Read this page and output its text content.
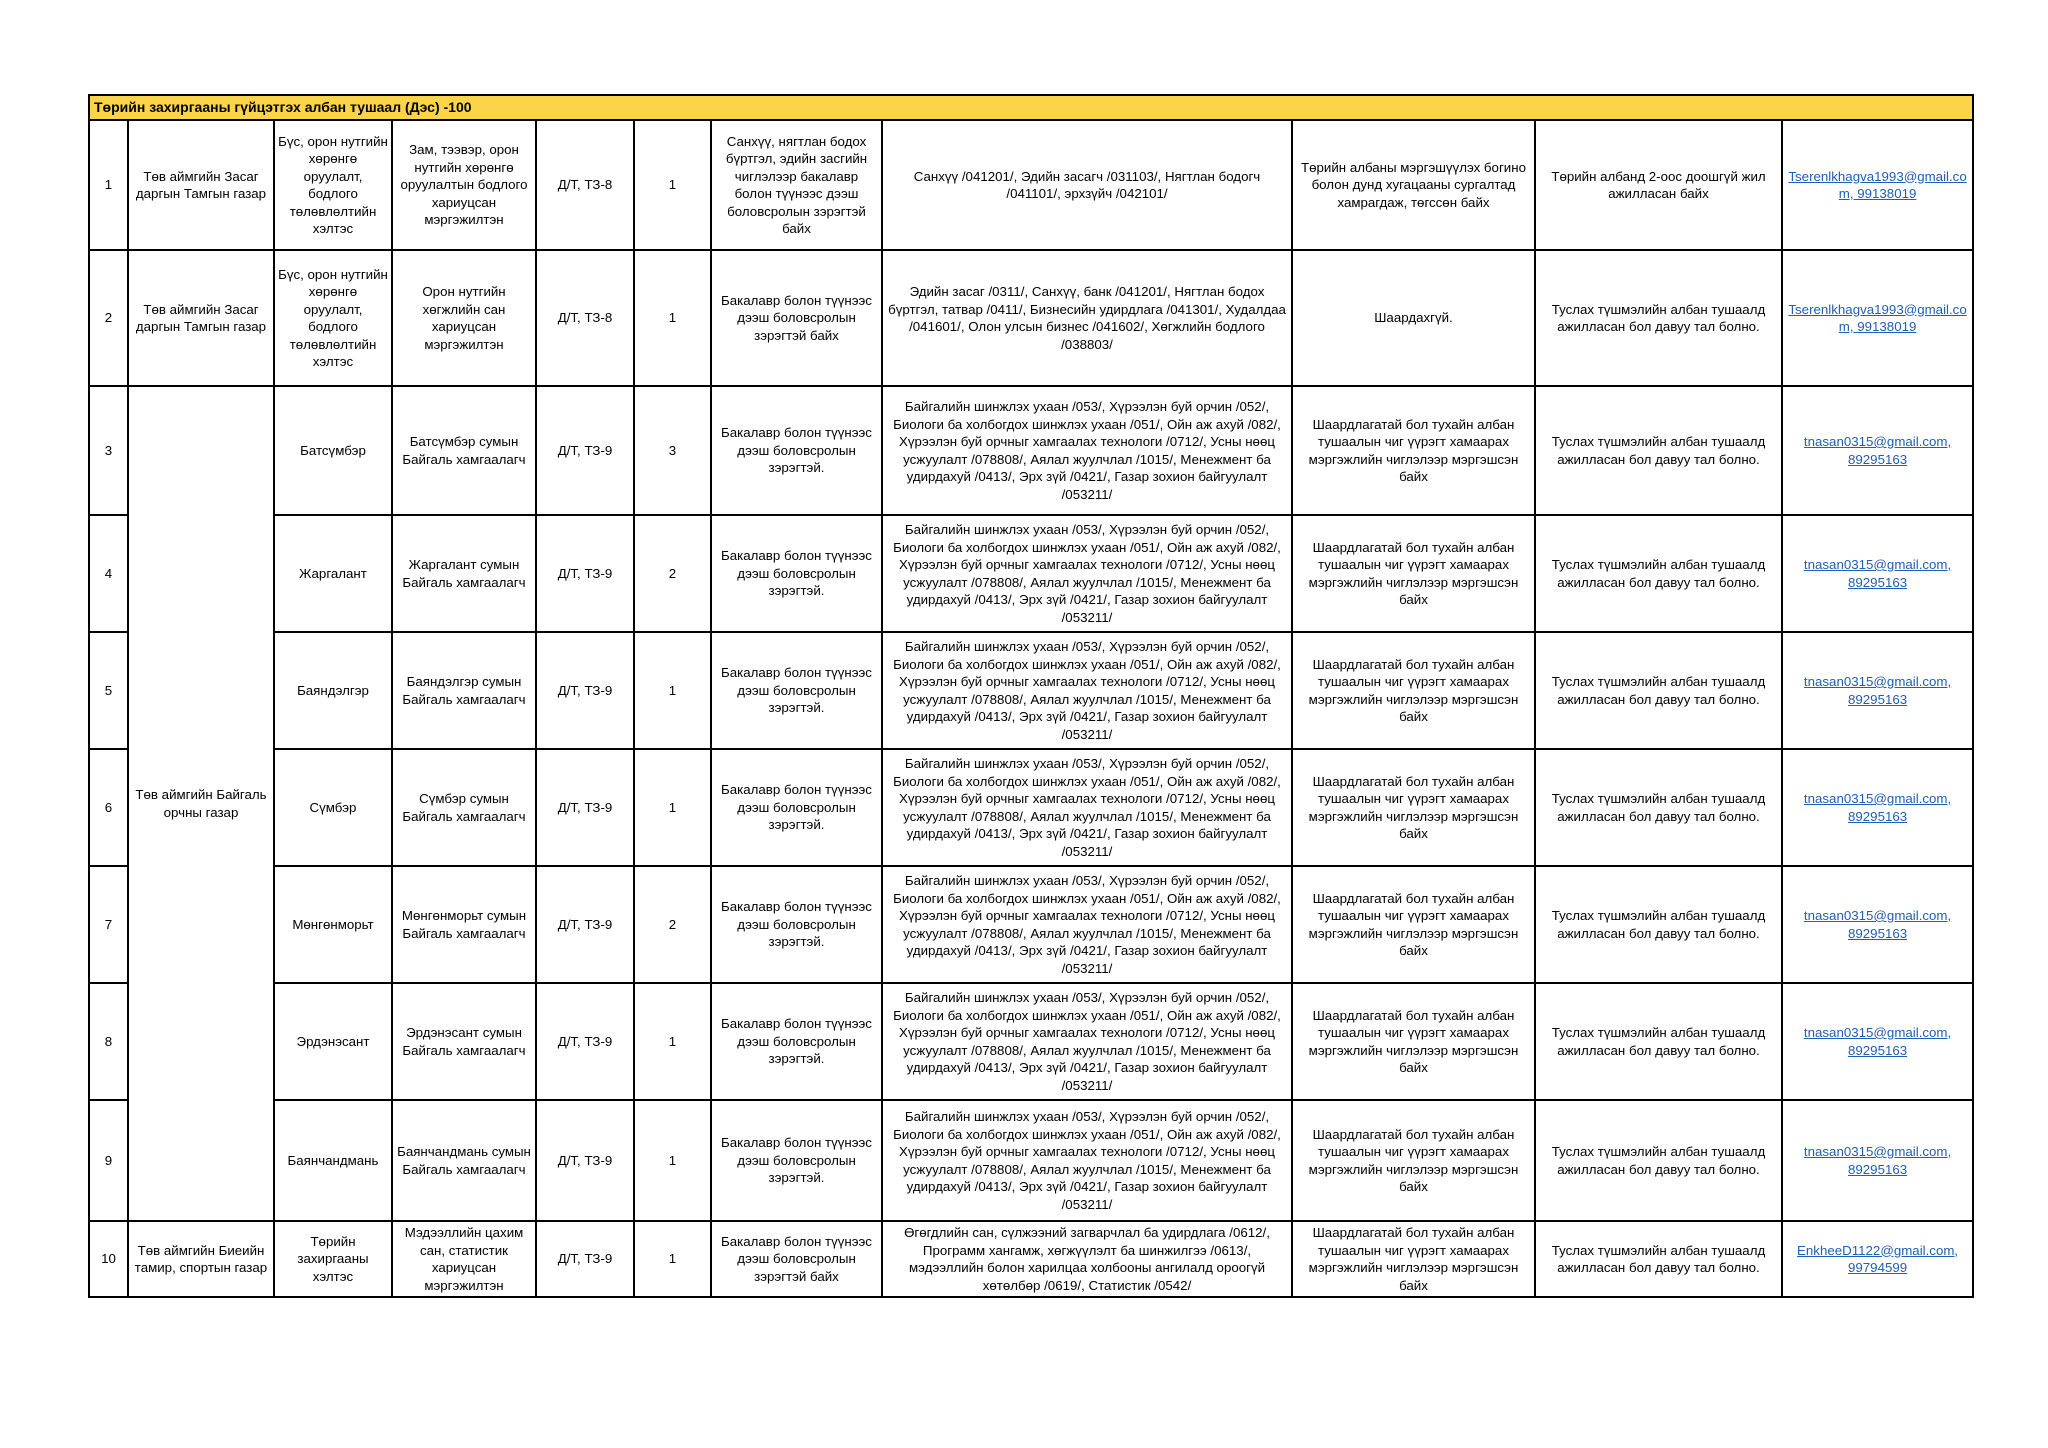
Төрийн захиргааны гүйцэтгэх албан тушаал (Дэс) -100										
1	Төв аймгийн Засаг даргын Тамгын газар	Бүс, орон нутгийн хөрөнгө оруулалт, бодлого төлөвлөлтийн хэлтэс	Зам, тээвэр, орон нутгийн хөрөнгө оруулалтын бодлого хариуцсан мэргэжилтэн	Д/Т, ТЗ-8	1	Санхүү, нягтлан бодох бүртгэл, эдийн засгийн чиглэлээр бакалавр болон түүнээс дээш боловсролын зэрэгтэй байх	Санхүү /041201/, Эдийн засагч /031103/, Нягтлан бодогч /041101/, эрхзүйч /042101/	Төрийн албаны мэргэшүүлэх богино болон дунд хугацааны сургалтад хамрагдаж, төгссөн байх	Төрийн албанд 2-оос доошгүй жил ажилласан байх	Tserenlkhagva1993@gmail.com, 99138019
2	Төв аймгийн Засаг даргын Тамгын газар	Бүс, орон нутгийн хөрөнгө оруулалт, бодлого төлөвлөлтийн хэлтэс	Орон нутгийн хөгжлийн сан хариуцсан мэргэжилтэн	Д/Т, ТЗ-8	1	Бакалавр болон түүнээс дээш боловсролын зэрэгтэй байх	Эдийн засаг /0311/, Санхүү, банк /041201/, Нягтлан бодох бүртгэл, татвар /0411/, Бизнесийн удирдлага /041301/, Худалдаа /041601/, Олон улсын бизнес /041602/, Хөгжлийн бодлого /038803/	Шаардахгүй.	Туслах түшмэлийн албан тушаалд ажилласан бол давуу тал болно.	Tserenlkhagva1993@gmail.com, 99138019
3	Төв аймгийн Байгаль орчны газар	Батсүмбэр	Батсүмбэр сумын Байгаль хамгаалагч	Д/Т, ТЗ-9	3	Бакалавр болон түүнээс дээш боловсролын зэрэгтэй.	Байгалийн шинжлэх ухаан /053/, Хүрээлэн буй орчин /052/, Биологи ба холбогдох шинжлэх ухаан /051/, Ойн аж ахуй /082/, Хүрээлэн буй орчныг хамгаалах технологи /0712/, Усны нөөц усжуулалт /078808/, Аялал жуулчлал /1015/, Менежмент ба удирдахуй /0413/, Эрх зүй /0421/, Газар зохион байгуулалт /053211/	Шаардлагатай бол тухайн албан тушаалын чиг үүрэгт хамаарах мэргэжлийн чиглэлээр мэргэшсэн байх	Туслах түшмэлийн албан тушаалд ажилласан бол давуу тал болно.	tnasan0315@gmail.com, 89295163
4		Жаргалант	Жаргалант сумын Байгаль хамгаалагч	Д/Т, ТЗ-9	2	Бакалавр болон түүнээс дээш боловсролын зэрэгтэй.	Байгалийн шинжлэх ухаан /053/, Хүрээлэн буй орчин /052/, Биологи ба холбогдох шинжлэх ухаан /051/, Ойн аж ахуй /082/, Хүрээлэн буй орчныг хамгаалах технологи /0712/, Усны нөөц усжуулалт /078808/, Аялал жуулчлал /1015/, Менежмент ба удирдахуй /0413/, Эрх зүй /0421/, Газар зохион байгуулалт /053211/	Шаардлагатай бол тухайн албан тушаалын чиг үүрэгт хамаарах мэргэжлийн чиглэлээр мэргэшсэн байх	Туслах түшмэлийн албан тушаалд ажилласан бол давуу тал болно.	tnasan0315@gmail.com, 89295163
5		Баяндэлгэр	Баяндэлгэр сумын Байгаль хамгаалагч	Д/Т, ТЗ-9	1	Бакалавр болон түүнээс дээш боловсролын зэрэгтэй.	Байгалийн шинжлэх ухаан /053/, Хүрээлэн буй орчин /052/, Биологи ба холбогдох шинжлэх ухаан /051/, Ойн аж ахуй /082/, Хүрээлэн буй орчныг хамгаалах технологи /0712/, Усны нөөц усжуулалт /078808/, Аялал жуулчлал /1015/, Менежмент ба удирдахуй /0413/, Эрх зүй /0421/, Газар зохион байгуулалт /053211/	Шаардлагатай бол тухайн албан тушаалын чиг үүрэгт хамаарах мэргэжлийн чиглэлээр мэргэшсэн байх	Туслах түшмэлийн албан тушаалд ажилласан бол давуу тал болно.	tnasan0315@gmail.com, 89295163
6		Сүмбэр	Сүмбэр сумын Байгаль хамгаалагч	Д/Т, ТЗ-9	1	Бакалавр болон түүнээс дээш боловсролын зэрэгтэй.	Байгалийн шинжлэх ухаан /053/, Хүрээлэн буй орчин /052/, Биологи ба холбогдох шинжлэх ухаан /051/, Ойн аж ахуй /082/, Хүрээлэн буй орчныг хамгаалах технологи /0712/, Усны нөөц усжуулалт /078808/, Аялал жуулчлал /1015/, Менежмент ба удирдахуй /0413/, Эрх зүй /0421/, Газар зохион байгуулалт /053211/	Шаардлагатай бол тухайн албан тушаалын чиг үүрэгт хамаарах мэргэжлийн чиглэлээр мэргэшсэн байх	Туслах түшмэлийн албан тушаалд ажилласан бол давуу тал болно.	tnasan0315@gmail.com, 89295163
7		Мөнгөнморьт	Мөнгөнморьт сумын Байгаль хамгаалагч	Д/Т, ТЗ-9	2	Бакалавр болон түүнээс дээш боловсролын зэрэгтэй.	Байгалийн шинжлэх ухаан /053/, Хүрээлэн буй орчин /052/, Биологи ба холбогдох шинжлэх ухаан /051/, Ойн аж ахуй /082/, Хүрээлэн буй орчныг хамгаалах технологи /0712/, Усны нөөц усжуулалт /078808/, Аялал жуулчлал /1015/, Менежмент ба удирдахуй /0413/, Эрх зүй /0421/, Газар зохион байгуулалт /053211/	Шаардлагатай бол тухайн албан тушаалын чиг үүрэгт хамаарах мэргэжлийн чиглэлээр мэргэшсэн байх	Туслах түшмэлийн албан тушаалд ажилласан бол давуу тал болно.	tnasan0315@gmail.com, 89295163
8		Эрдэнэсант	Эрдэнэсант сумын Байгаль хамгаалагч	Д/Т, ТЗ-9	1	Бакалавр болон түүнээс дээш боловсролын зэрэгтэй.	Байгалийн шинжлэх ухаан /053/, Хүрээлэн буй орчин /052/, Биологи ба холбогдох шинжлэх ухаан /051/, Ойн аж ахуй /082/, Хүрээлэн буй орчныг хамгаалах технологи /0712/, Усны нөөц усжуулалт /078808/, Аялал жуулчлал /1015/, Менежмент ба удирдахуй /0413/, Эрх зүй /0421/, Газар зохион байгуулалт /053211/	Шаардлагатай бол тухайн албан тушаалын чиг үүрэгт хамаарах мэргэжлийн чиглэлээр мэргэшсэн байх	Туслах түшмэлийн албан тушаалд ажилласан бол давуу тал болно.	tnasan0315@gmail.com, 89295163
9		Баянчандмань	Баянчандмань сумын Байгаль хамгаалагч	Д/Т, ТЗ-9	1	Бакалавр болон түүнээс дээш боловсролын зэрэгтэй.	Байгалийн шинжлэх ухаан /053/, Хүрээлэн буй орчин /052/, Биологи ба холбогдох шинжлэх ухаан /051/, Ойн аж ахуй /082/, Хүрээлэн буй орчныг хамгаалах технологи /0712/, Усны нөөц усжуулалт /078808/, Аялал жуулчлал /1015/, Менежмент ба удирдахуй /0413/, Эрх зүй /0421/, Газар зохион байгуулалт /053211/	Шаардлагатай бол тухайн албан тушаалын чиг үүрэгт хамаарах мэргэжлийн чиглэлээр мэргэшсэн байх	Туслах түшмэлийн албан тушаалд ажилласан бол давуу тал болно.	tnasan0315@gmail.com, 89295163
10	Төв аймгийн Биеийн тамир, спортын газар	Төрийн захиргааны хэлтэс	Мэдээллийн цахим сан, статистик хариуцсан мэргэжилтэн	Д/Т, ТЗ-9	1	Бакалавр болон түүнээс дээш боловсролын зэрэгтэй байх	Өгөгдлийн сан, сүлжээний загварчлал ба удирдлага /0612/, Программ хангамж, хөгжүүлэлт ба шинжилгээ /0613/, мэдээллийн болон харилцаа холбооны ангилалд ороогүй хөтөлбөр /0619/, Статистик /0542/	Шаардлагатай бол тухайн албан тушаалын чиг үүрэгт хамаарах мэргэжлийн чиглэлээр мэргэшсэн байх	Туслах түшмэлийн албан тушаалд ажилласан бол давуу тал болно.	EnkheeD1122@gmail.com, 99794599
